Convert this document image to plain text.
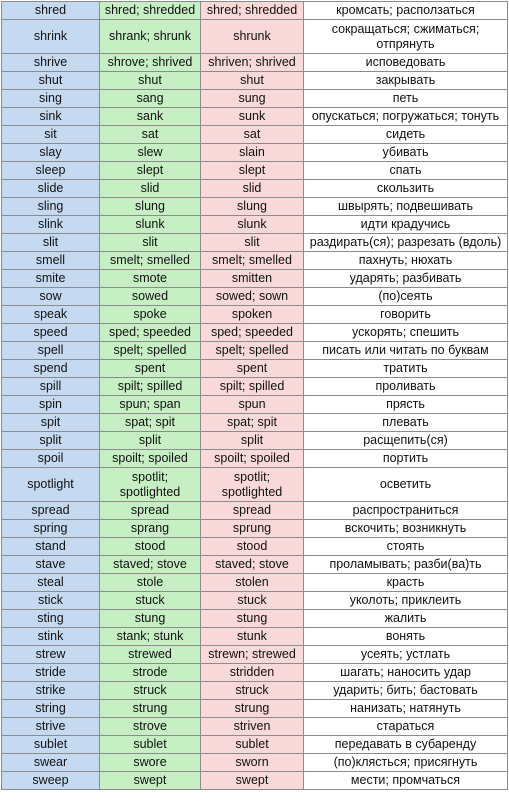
shred	shred; shredded	shred; shredded	кромсать; расползаться
shrink	shrank; shrunk	shrunk	сокращаться; сжиматься; отпрянуть
shrive	shrove; shrived	shriven; shrived	исповедовать
shut	shut	shut	закрывать
sing	sang	sung	петь
sink	sank	sunk	опускаться; погружаться; тонуть
sit	sat	sat	сидеть
slay	slew	slain	убивать
sleep	slept	slept	спать
slide	slid	slid	скользить
sling	slung	slung	швырять; подвешивать
slink	slunk	slunk	идти крадучись
slit	slit	slit	раздирать(ся); разрезать (вдоль)
smell	smelt; smelled	smelt; smelled	пахнуть; нюхать
smite	smote	smitten	ударять; разбивать
sow	sowed	sowed; sown	(по)сеять
speak	spoke	spoken	говорить
speed	sped; speeded	sped; speeded	ускорять; спешить
spell	spelt; spelled	spelt; spelled	писать или читать по буквам
spend	spent	spent	тратить
spill	spilt; spilled	spilt; spilled	проливать
spin	spun; span	spun	прясть
spit	spat; spit	spat; spit	плевать
split	split	split	расщепить(ся)
spoil	spoilt; spoiled	spoilt; spoiled	портить
spotlight	spotlit; spotlighted	spotlit; spotlighted	осветить
spread	spread	spread	распространиться
spring	sprang	sprung	вскочить; возникнуть
stand	stood	stood	стоять
stave	staved; stove	staved; stove	проламывать; разби(ва)ть
steal	stole	stolen	красть
stick	stuck	stuck	уколоть; приклеить
sting	stung	stung	жалить
stink	stank; stunk	stunk	вонять
strew	strewed	strewn; strewed	усеять; устлать
stride	strode	stridden	шагать; наносить удар
strike	struck	struck	ударить; бить; бастовать
string	strung	strung	нанизать; натянуть
strive	strove	striven	стараться
sublet	sublet	sublet	передавать в субаренду
swear	swore	sworn	(по)клясться; присягнуть
sweep	swept	swept	мести; промчаться
